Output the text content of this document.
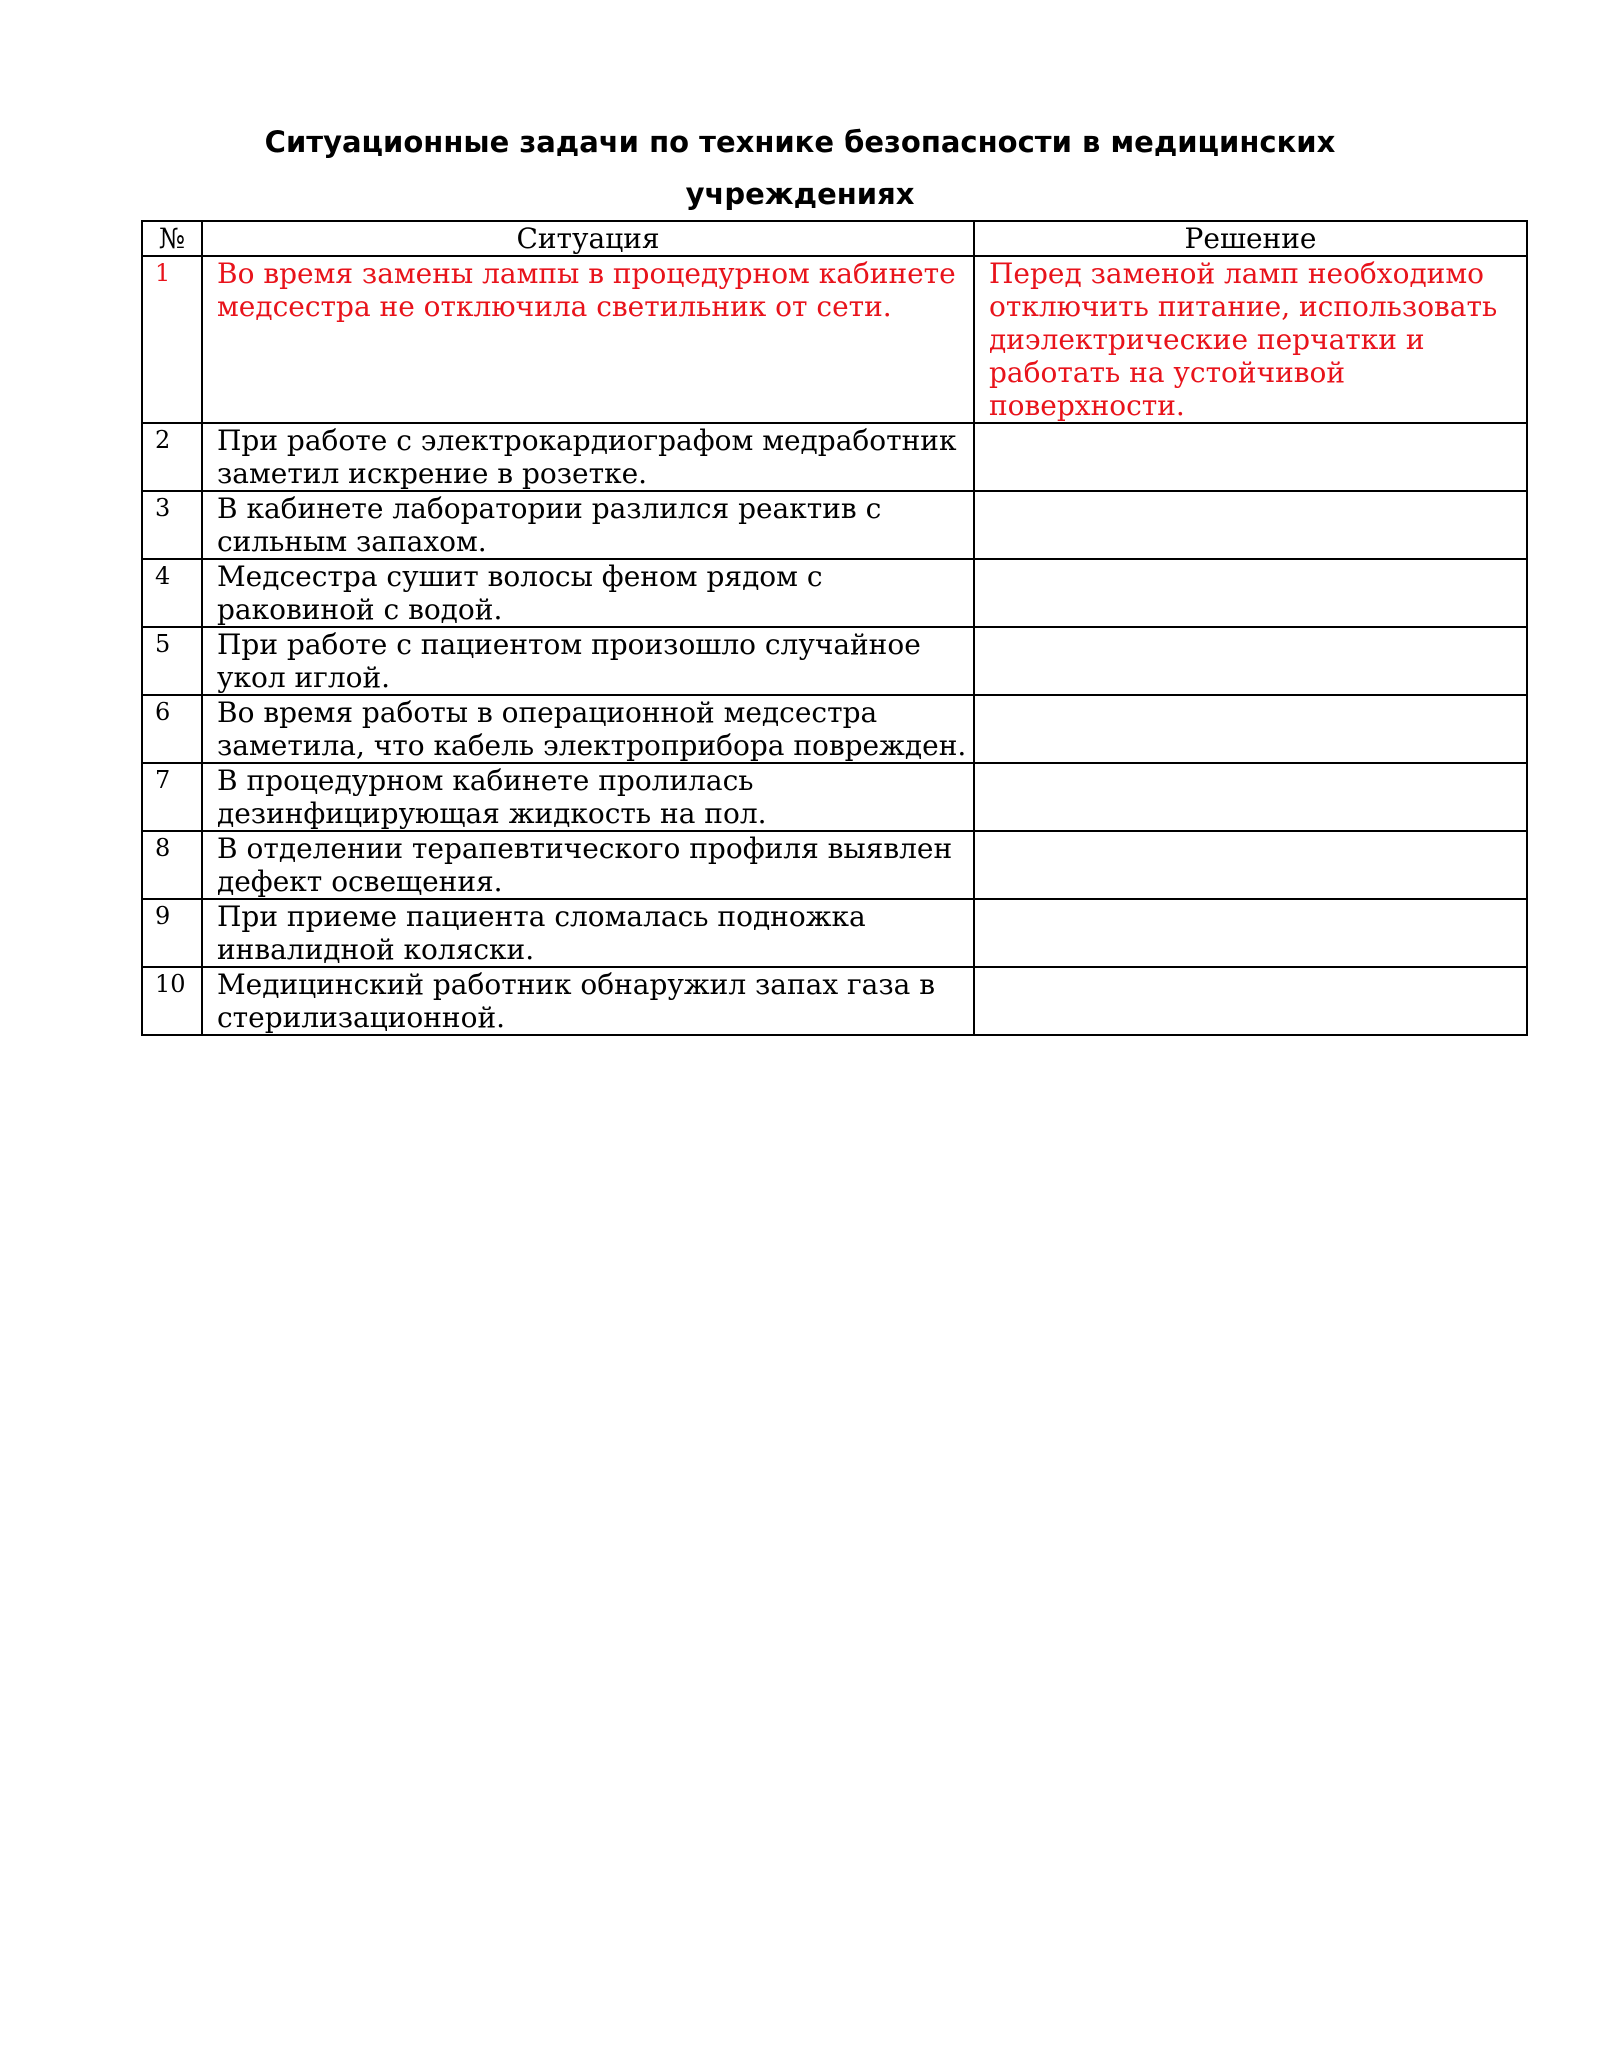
Ситуационные задачи по технике безопасности в медицинских
учреждениях
№	Ситуация	Решение
1	Во время замены лампы в процедурном кабинете медсестра не отключила светильник от сети.	Перед заменой ламп необходимо отключить питание, использовать диэлектрические перчатки и работать на устойчивой поверхности.
2	При работе с электрокардиографом медработник заметил искрение в розетке.	
3	В кабинете лаборатории разлился реактив с сильным запахом.	
4	Медсестра сушит волосы феном рядом с раковиной с водой.	
5	При работе с пациентом произошло случайное укол иглой.	
6	Во время работы в операционной медсестра заметила, что кабель электроприбора поврежден.	
7	В процедурном кабинете пролилась дезинфицирующая жидкость на пол.	
8	В отделении терапевтического профиля выявлен дефект освещения.	
9	При приеме пациента сломалась подножка инвалидной коляски.	
10	Медицинский работник обнаружил запах газа в стерилизационной.	
